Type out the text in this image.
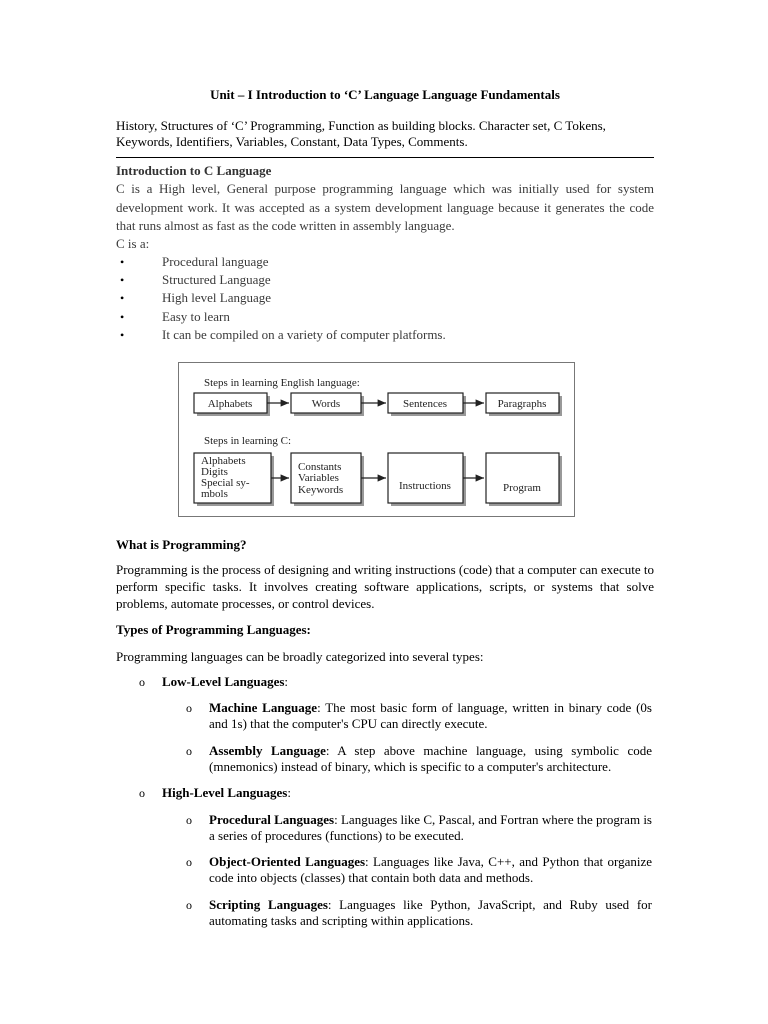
Unit – I Introduction to ‘C’ Language Language Fundamentals
History, Structures of ‘C’ Programming, Function as building blocks. Character set, C Tokens,
Keywords, Identifiers, Variables, Constant, Data Types, Comments.
Introduction to C Language
C is a High level, General purpose programming language which was initially used for system development work. It was accepted as a system development language because it generates the code that runs almost as fast as the code written in assembly language.
C is a:
•	Procedural language
•	Structured Language
•	High level Language
•	Easy to learn
•	It can be compiled on a variety of computer platforms.
Steps in learning English language:
Alphabets	Words	Sentences	Paragraphs
Steps in learning C:
Alphabets
Digits
Special sy-
mbols
Constants
Variables
Keywords	Instructions	Program
What is Programming?
Programming is the process of designing and writing instructions (code) that a computer can execute to perform specific tasks. It involves creating software applications, scripts, or systems that solve problems, automate processes, or control devices.
Types of Programming Languages:
Programming languages can be broadly categorized into several types:
o Low-Level Languages:
o Machine Language: The most basic form of language, written in binary code (0s and 1s) that the computer's CPU can directly execute.
o Assembly Language: A step above machine language, using symbolic code (mnemonics) instead of binary, which is specific to a computer's architecture.
o High-Level Languages:
o Procedural Languages: Languages like C, Pascal, and Fortran where the program is a series of procedures (functions) to be executed.
o Object-Oriented Languages: Languages like Java, C++, and Python that organize code into objects (classes) that contain both data and methods.
o Scripting Languages: Languages like Python, JavaScript, and Ruby used for automating tasks and scripting within applications.
